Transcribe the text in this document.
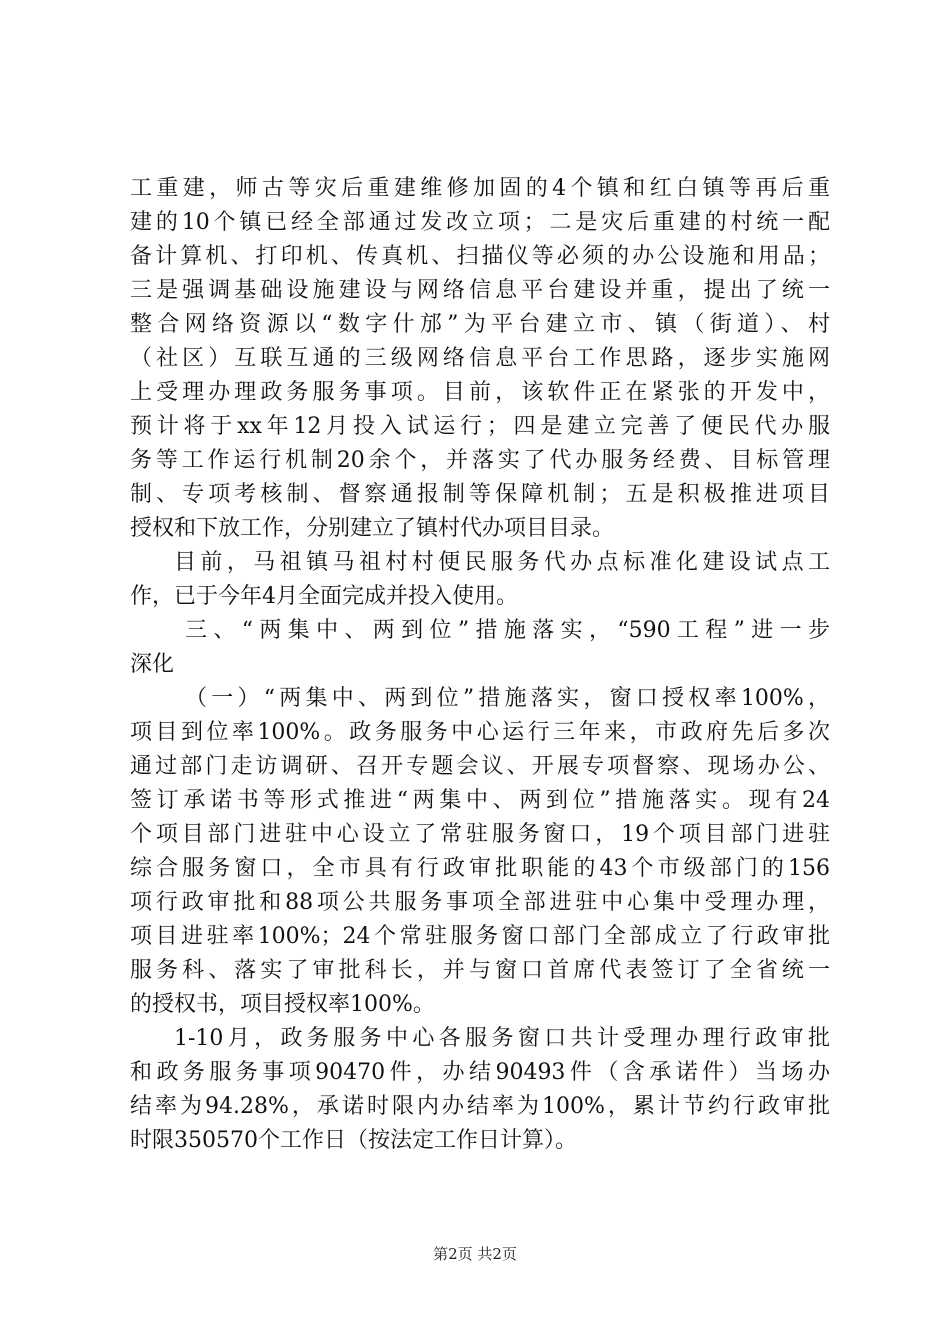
工重建，师古等灾后重建维修加固的4个镇和红白镇等再后重
建的10个镇已经全部通过发改立项；二是灾后重建的村统一配
备计算机、打印机、传真机、扫描仪等必须的办公设施和用品；
三是强调基础设施建设与网络信息平台建设并重，提出了统一
整合网络资源以“数字什邡”为平台建立市、镇（街道）、村
（社区）互联互通的三级网络信息平台工作思路，逐步实施网
上受理办理政务服务事项。目前，该软件正在紧张的开发中，
预计将于xx年12月投入试运行；四是建立完善了便民代办服
务等工作运行机制20余个，并落实了代办服务经费、目标管理
制、专项考核制、督察通报制等保障机制；五是积极推进项目
授权和下放工作，分别建立了镇村代办项目目录。
目前，马祖镇马祖村村便民服务代办点标准化建设试点工
作，已于今年4月全面完成并投入使用。
三、“两集中、两到位”措施落实，“590工程”进一步
深化
（一）“两集中、两到位”措施落实，窗口授权率100%，
项目到位率100%。政务服务中心运行三年来，市政府先后多次
通过部门走访调研、召开专题会议、开展专项督察、现场办公、
签订承诺书等形式推进“两集中、两到位”措施落实。现有24
个项目部门进驻中心设立了常驻服务窗口，19个项目部门进驻
综合服务窗口，全市具有行政审批职能的43个市级部门的156
项行政审批和88项公共服务事项全部进驻中心集中受理办理，
项目进驻率100%；24个常驻服务窗口部门全部成立了行政审批
服务科、落实了审批科长，并与窗口首席代表签订了全省统一
的授权书，项目授权率100%。
1-10月，政务服务中心各服务窗口共计受理办理行政审批
和政务服务事项90470件，办结90493件（含承诺件）当场办
结率为94.28%，承诺时限内办结率为100%，累计节约行政审批
时限350570个工作日（按法定工作日计算）。
第2页 共2页
